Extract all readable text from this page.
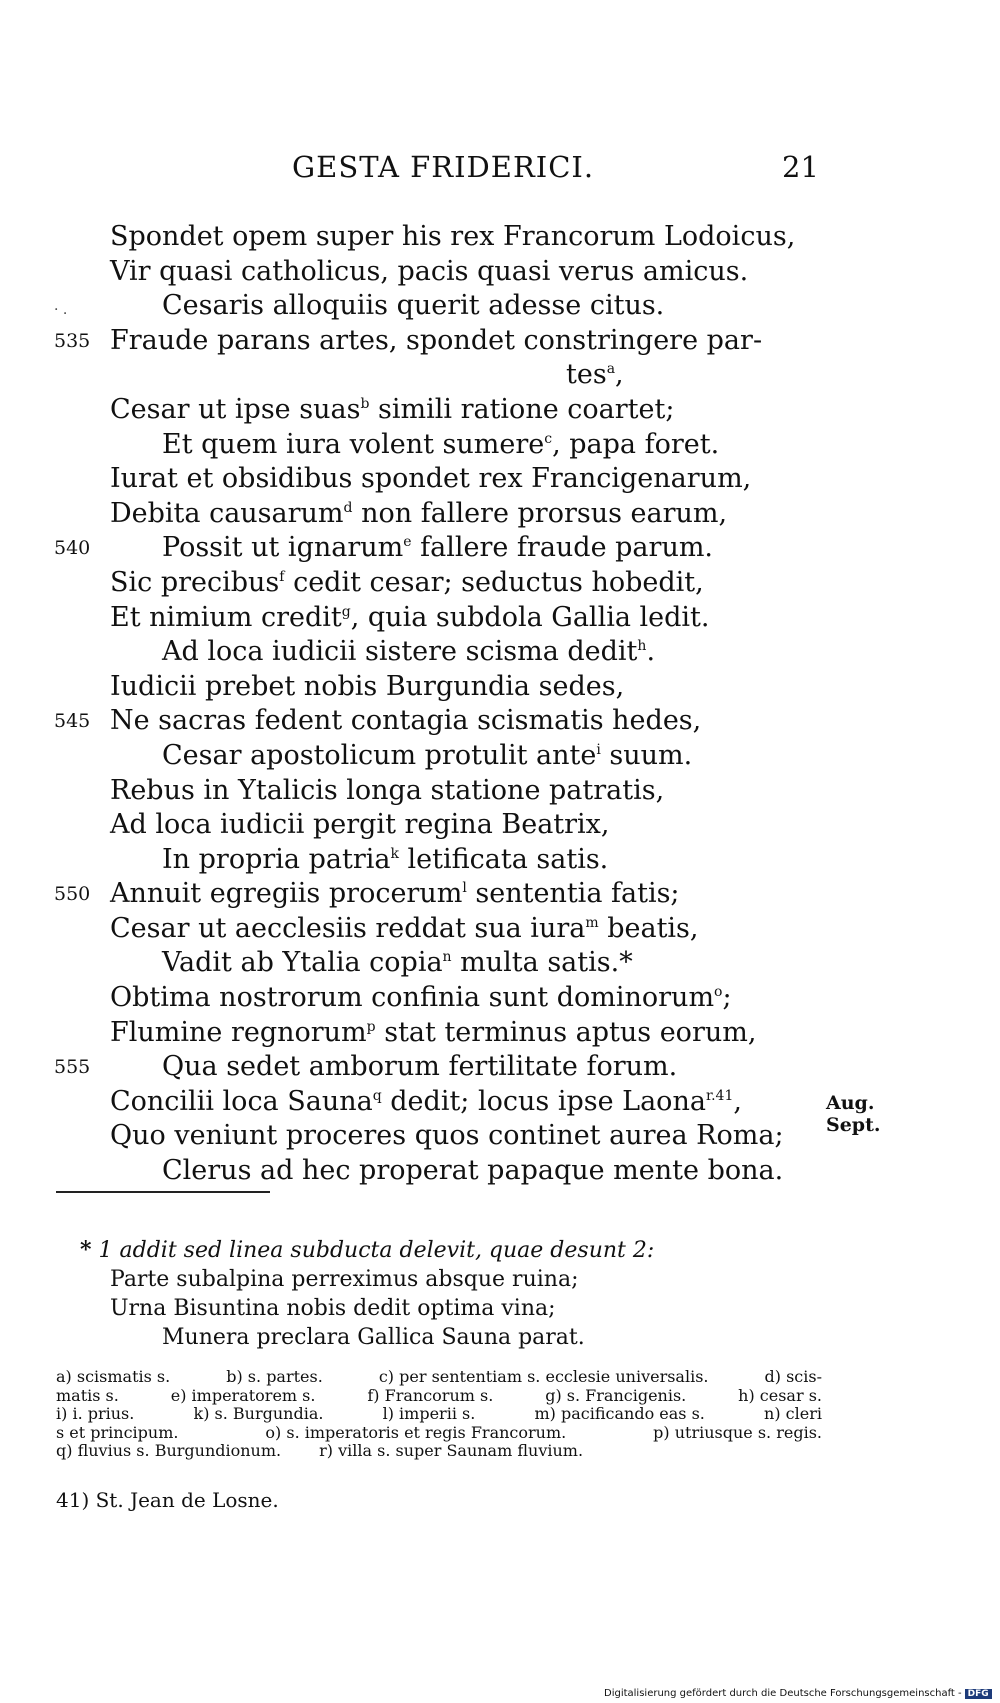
GESTA FRIDERICI.	21
· .
Spondet opem super his rex Francorum Lodoicus,
Vir quasi catholicus, pacis quasi verus amicus.
Cesaris alloquiis querit adesse citus.
535 Fraude parans artes, spondet constringere par-
tes$^a$,
Cesar ut ipse suas$^b$ simili ratione coartet;
Et quem iura volent sumere$^c$, papa foret.
Iurat et obsidibus spondet rex Francigenarum,
Debita causarum$^d$ non fallere prorsus earum,
540	Possit ut ignarum$^e$ fallere fraude parum.
Sic precibus$^f$ cedit cesar; seductus hobedit,
Et nimium credit$^g$, quia subdola Gallia ledit.
Ad loca iudicii sistere scisma dedit$^h$.
Iudicii prebet nobis Burgundia sedes,
545 Ne sacras fedent contagia scismatis hedes,
Cesar apostolicum protulit ante$^i$ suum.
Rebus in Ytalicis longa statione patratis,
Ad loca iudicii pergit regina Beatrix,
In propria patria$^k$ letificata satis.
550 Annuit egregiis procerum$^l$ sententia fatis;
Cesar ut aecclesiis reddat sua iura$^m$ beatis,
Vadit ab Ytalia copia$^n$ multa satis.*
Obtima nostrorum confinia sunt dominorum$^o$;
Flumine regnorum$^p$ stat terminus aptus eorum,
555	Qua sedet amborum fertilitate forum.
Concilii loca Sauna$^q$ dedit; locus ipse Laona$^{r.41}$,
Quo veniunt proceres quos continet aurea Roma;
Clerus ad hec properat papaque mente bona.
Aug.
Sept.
* 1 addit sed linea subducta delevit, quae desunt 2:
Parte subalpina perreximus absque ruina;
Urna Bisuntina nobis dedit optima vina;
Munera preclara Gallica Sauna parat.
a) scismatis s.	b) s. partes.	c) per sententiam s. ecclesie universalis.	d) scis-
matis s.	e) imperatorem s.	f) Francorum s.	g) s. Francigenis.	h) cesar s.
i) i. prius.	k) s. Burgundia.	l) imperii s.	m) pacificando eas s.	n) cleri
s et principum.	o) s. imperatoris et regis Francorum.	p) utriusque s. regis.
q) fluvius s. Burgundionum. r) villa s. super Saunam fluvium.
41) St. Jean de Losne.
Digitalisierung gefördert durch die Deutsche Forschungsgemeinschaft - DFG
